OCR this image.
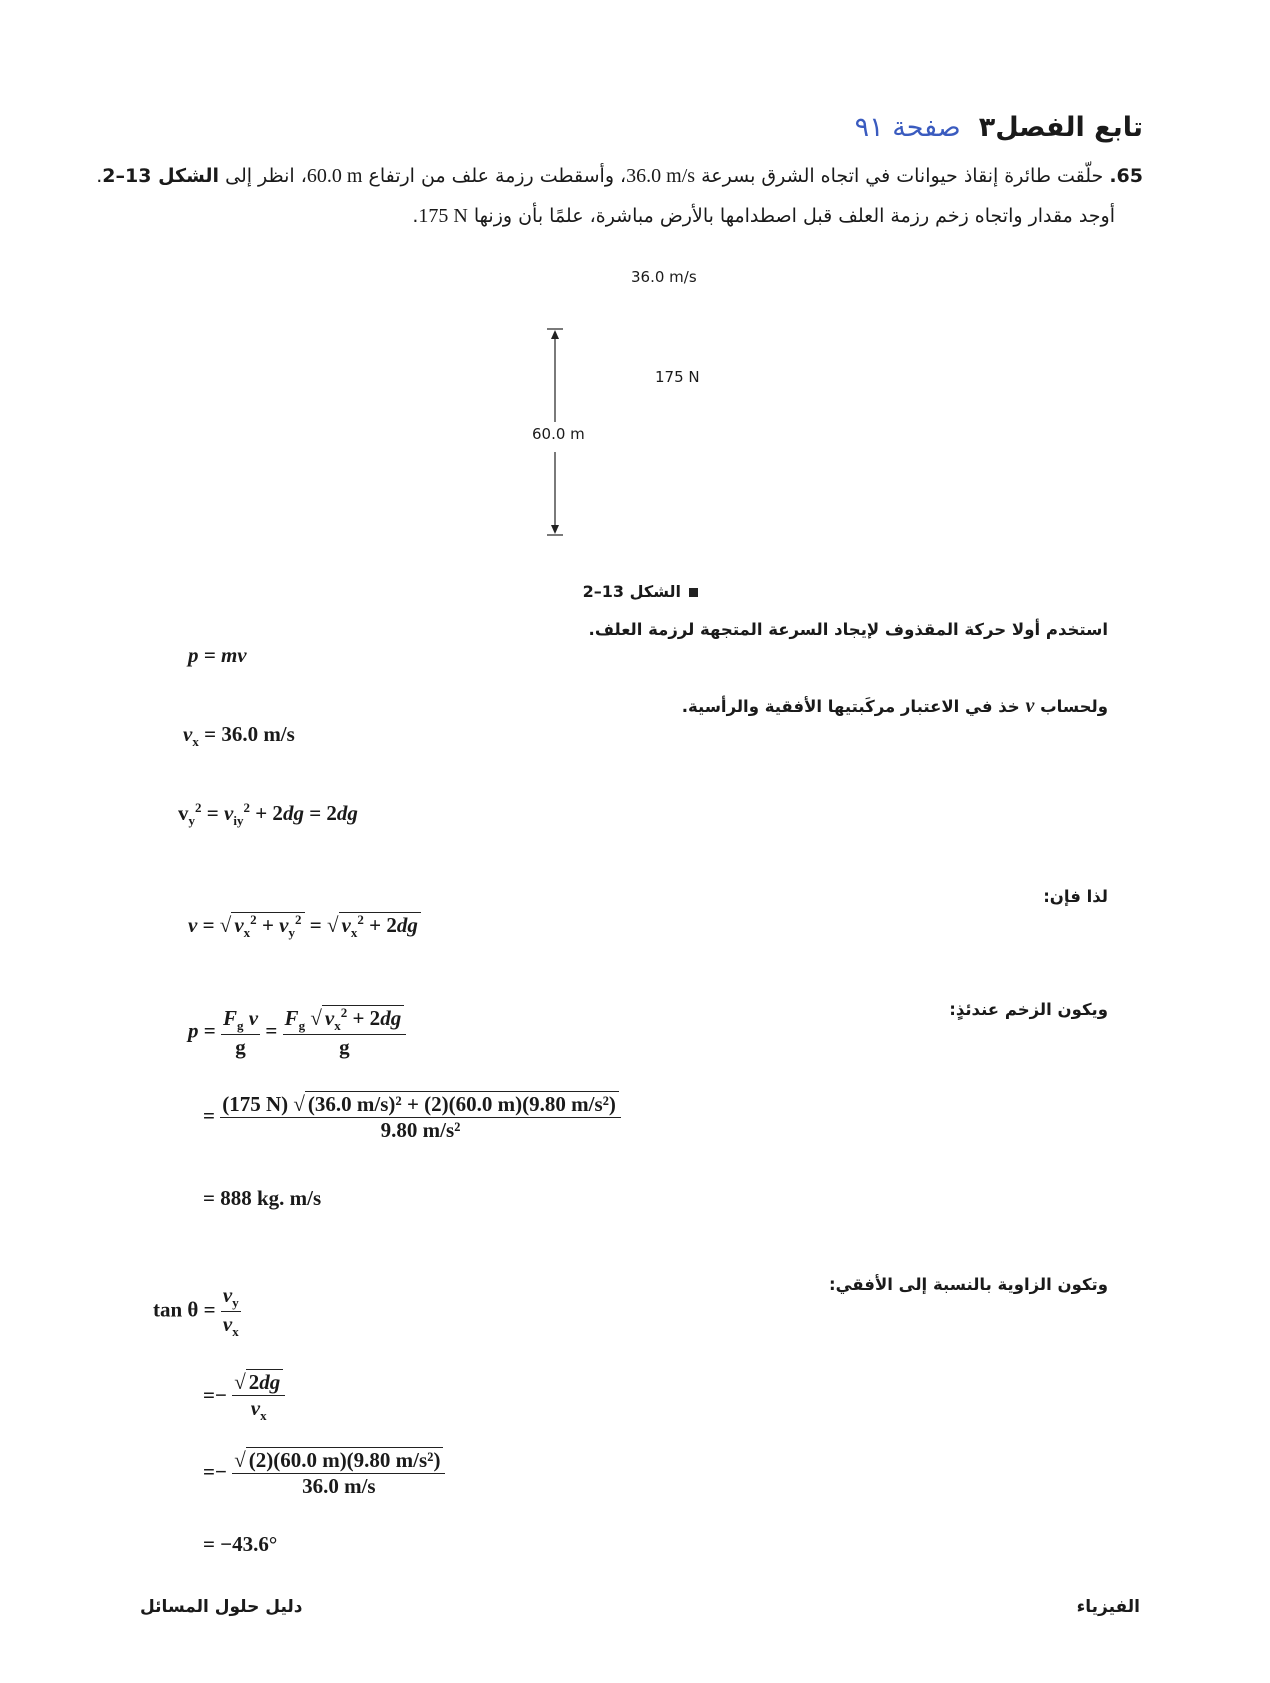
تابع الفصل٣صفحة ٩١
65. حلّقت طائرة إنقاذ حيوانات في اتجاه الشرق بسرعة 36.0 m/s، وأسقطت رزمة علف من ارتفاع 60.0 m، انظر إلى الشكل 13–2.
أوجد مقدار واتجاه زخم رزمة العلف قبل اصطدامها بالأرض مباشرة، علمًا بأن وزنها 175 N.
36.0 m/s
175 N
60.0 m
الشكل 13–2
استخدم أولا حركة المقذوف لإيجاد السرعة المتجهة لرزمة العلف.
ولحساب v خذ في الاعتبار مركَبتيها الأفقية والرأسية.
لذا فإن:
ويكون الزخم عندئذٍ:
وتكون الزاوية بالنسبة إلى الأفقي:
p = mv
$v_x = 36.0$ m/s
$v_y^2 = v_{iy}^2 + 2dg = 2dg$
v = √ $v_x^2 + v_y^2$ = √ $v_x^2 + 2dg$
$p = \frac{F_g v}{g} = \frac{F_g √ v_x^2 + 2dg}{g}$
= $\frac{\text{(175 N) √ (36.0 m/s)² + (2)(60.0 m)(9.80 m/s²)}}{\text{9.80 m/s²}}$
= 888 kg. m/s
$\tan \theta = \frac{v_y}{v_x}$
=− $\frac{√ 2dg}{v_x}$
=− $\frac{\text{√ (2)(60.0 m)(9.80 m/s²)}}{36.0 m/s}$
= −43.6°
دليل حلول المسائل	الفيزياء
